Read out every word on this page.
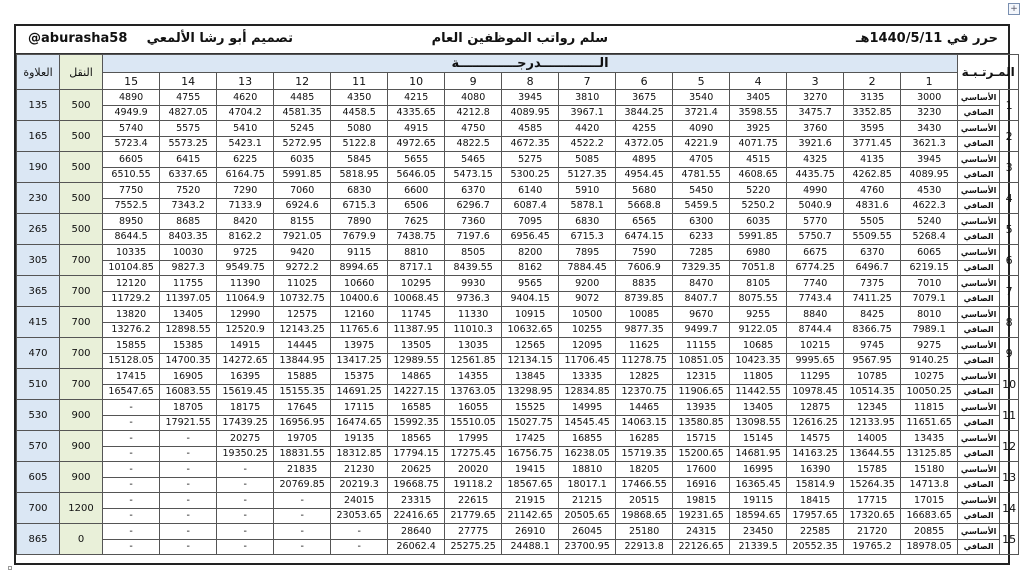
+
حرر في 1440/5/11هـ
سلم رواتب الموظفين العام
تصميم أبو رشا الألمعي
@aburasha58
المـرتـبـة		الـــــــــــــدرجـــــــــــــة															النقل	العلاوة
		1	2	3	4	5	6	7	8	9	10	11	12	13	14	15		
1	الأساسي	3000	3135	3270	3405	3540	3675	3810	3945	4080	4215	4350	4485	4620	4755	4890	500	135
	الصافي	3230	3352.85	3475.7	3598.55	3721.4	3844.25	3967.1	4089.95	4212.8	4335.65	4458.5	4581.35	4704.2	4827.05	4949.9		
2	الأساسي	3430	3595	3760	3925	4090	4255	4420	4585	4750	4915	5080	5245	5410	5575	5740	500	165
	الصافي	3621.3	3771.45	3921.6	4071.75	4221.9	4372.05	4522.2	4672.35	4822.5	4972.65	5122.8	5272.95	5423.1	5573.25	5723.4		
3	الأساسي	3945	4135	4325	4515	4705	4895	5085	5275	5465	5655	5845	6035	6225	6415	6605	500	190
	الصافي	4089.95	4262.85	4435.75	4608.65	4781.55	4954.45	5127.35	5300.25	5473.15	5646.05	5818.95	5991.85	6164.75	6337.65	6510.55		
4	الأساسي	4530	4760	4990	5220	5450	5680	5910	6140	6370	6600	6830	7060	7290	7520	7750	500	230
	الصافي	4622.3	4831.6	5040.9	5250.2	5459.5	5668.8	5878.1	6087.4	6296.7	6506	6715.3	6924.6	7133.9	7343.2	7552.5		
5	الأساسي	5240	5505	5770	6035	6300	6565	6830	7095	7360	7625	7890	8155	8420	8685	8950	500	265
	الصافي	5268.4	5509.55	5750.7	5991.85	6233	6474.15	6715.3	6956.45	7197.6	7438.75	7679.9	7921.05	8162.2	8403.35	8644.5		
6	الأساسي	6065	6370	6675	6980	7285	7590	7895	8200	8505	8810	9115	9420	9725	10030	10335	700	305
	الصافي	6219.15	6496.7	6774.25	7051.8	7329.35	7606.9	7884.45	8162	8439.55	8717.1	8994.65	9272.2	9549.75	9827.3	10104.85		
7	الأساسي	7010	7375	7740	8105	8470	8835	9200	9565	9930	10295	10660	11025	11390	11755	12120	700	365
	الصافي	7079.1	7411.25	7743.4	8075.55	8407.7	8739.85	9072	9404.15	9736.3	10068.45	10400.6	10732.75	11064.9	11397.05	11729.2		
8	الأساسي	8010	8425	8840	9255	9670	10085	10500	10915	11330	11745	12160	12575	12990	13405	13820	700	415
	الصافي	7989.1	8366.75	8744.4	9122.05	9499.7	9877.35	10255	10632.65	11010.3	11387.95	11765.6	12143.25	12520.9	12898.55	13276.2		
9	الأساسي	9275	9745	10215	10685	11155	11625	12095	12565	13035	13505	13975	14445	14915	15385	15855	700	470
	الصافي	9140.25	9567.95	9995.65	10423.35	10851.05	11278.75	11706.45	12134.15	12561.85	12989.55	13417.25	13844.95	14272.65	14700.35	15128.05		
10	الأساسي	10275	10785	11295	11805	12315	12825	13335	13845	14355	14865	15375	15885	16395	16905	17415	700	510
	الصافي	10050.25	10514.35	10978.45	11442.55	11906.65	12370.75	12834.85	13298.95	13763.05	14227.15	14691.25	15155.35	15619.45	16083.55	16547.65		
11	الأساسي	11815	12345	12875	13405	13935	14465	14995	15525	16055	16585	17115	17645	18175	18705	-	900	530
	الصافي	11651.65	12133.95	12616.25	13098.55	13580.85	14063.15	14545.45	15027.75	15510.05	15992.35	16474.65	16956.95	17439.25	17921.55	-		
12	الأساسي	13435	14005	14575	15145	15715	16285	16855	17425	17995	18565	19135	19705	20275	-	-	900	570
	الصافي	13125.85	13644.55	14163.25	14681.95	15200.65	15719.35	16238.05	16756.75	17275.45	17794.15	18312.85	18831.55	19350.25	-	-		
13	الأساسي	15180	15785	16390	16995	17600	18205	18810	19415	20020	20625	21230	21835	-	-	-	900	605
	الصافي	14713.8	15264.35	15814.9	16365.45	16916	17466.55	18017.1	18567.65	19118.2	19668.75	20219.3	20769.85	-	-	-		
14	الأساسي	17015	17715	18415	19115	19815	20515	21215	21915	22615	23315	24015	-	-	-	-	1200	700
	الصافي	16683.65	17320.65	17957.65	18594.65	19231.65	19868.65	20505.65	21142.65	21779.65	22416.65	23053.65	-	-	-	-		
15	الأساسي	20855	21720	22585	23450	24315	25180	26045	26910	27775	28640	-	-	-	-	-	0	865
	الصافي	18978.05	19765.2	20552.35	21339.5	22126.65	22913.8	23700.95	24488.1	25275.25	26062.4	-	-	-	-	-		
